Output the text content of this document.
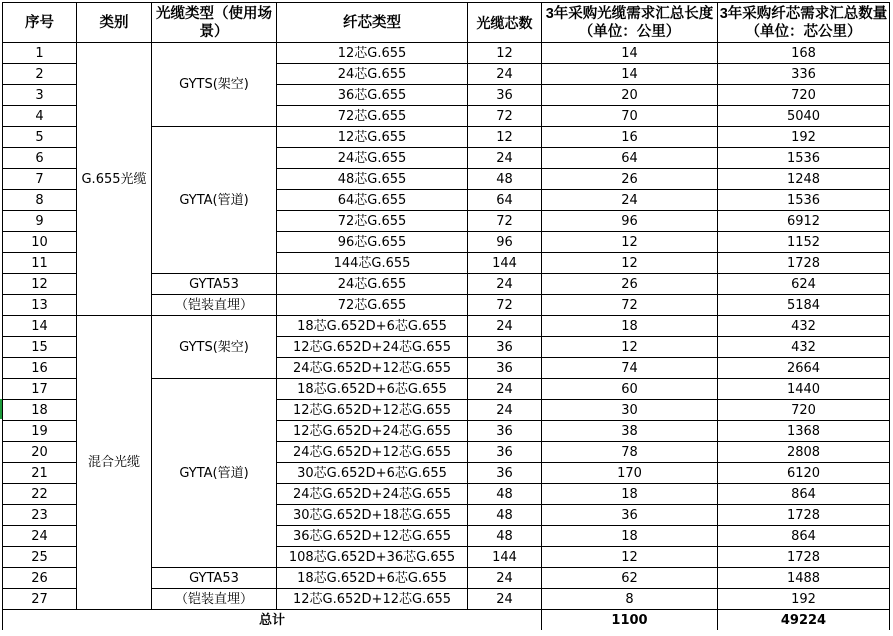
序号	类别	光缆类型（使用场景）	纤芯类型	光缆芯数	3年采购光缆需求汇总长度（单位：公里）	3年采购纤芯需求汇总数量（单位：芯公里）
1	G.655光缆	GYTS(架空)	12芯G.655	12	14	168
2			24芯G.655	24	14	336
3			36芯G.655	36	20	720
4			72芯G.655	72	70	5040
5		GYTA(管道)	12芯G.655	12	16	192
6			24芯G.655	24	64	1536
7			48芯G.655	48	26	1248
8			64芯G.655	64	24	1536
9			72芯G.655	72	96	6912
10			96芯G.655	96	12	1152
11			144芯G.655	144	12	1728
12		GYTA53	24芯G.655	24	26	624
13		（铠装直埋）	72芯G.655	72	72	5184
14	混合光缆	GYTS(架空)	18芯G.652D+6芯G.655	24	18	432
15			12芯G.652D+24芯G.655	36	12	432
16			24芯G.652D+12芯G.655	36	74	2664
17		GYTA(管道)	18芯G.652D+6芯G.655	24	60	1440
18			12芯G.652D+12芯G.655	24	30	720
19			12芯G.652D+24芯G.655	36	38	1368
20			24芯G.652D+12芯G.655	36	78	2808
21			30芯G.652D+6芯G.655	36	170	6120
22			24芯G.652D+24芯G.655	48	18	864
23			30芯G.652D+18芯G.655	48	36	1728
24			36芯G.652D+12芯G.655	48	18	864
25			108芯G.652D+36芯G.655	144	12	1728
26		GYTA53	18芯G.652D+6芯G.655	24	62	1488
27		（铠装直埋）	12芯G.652D+12芯G.655	24	8	192
总计					1100	49224
